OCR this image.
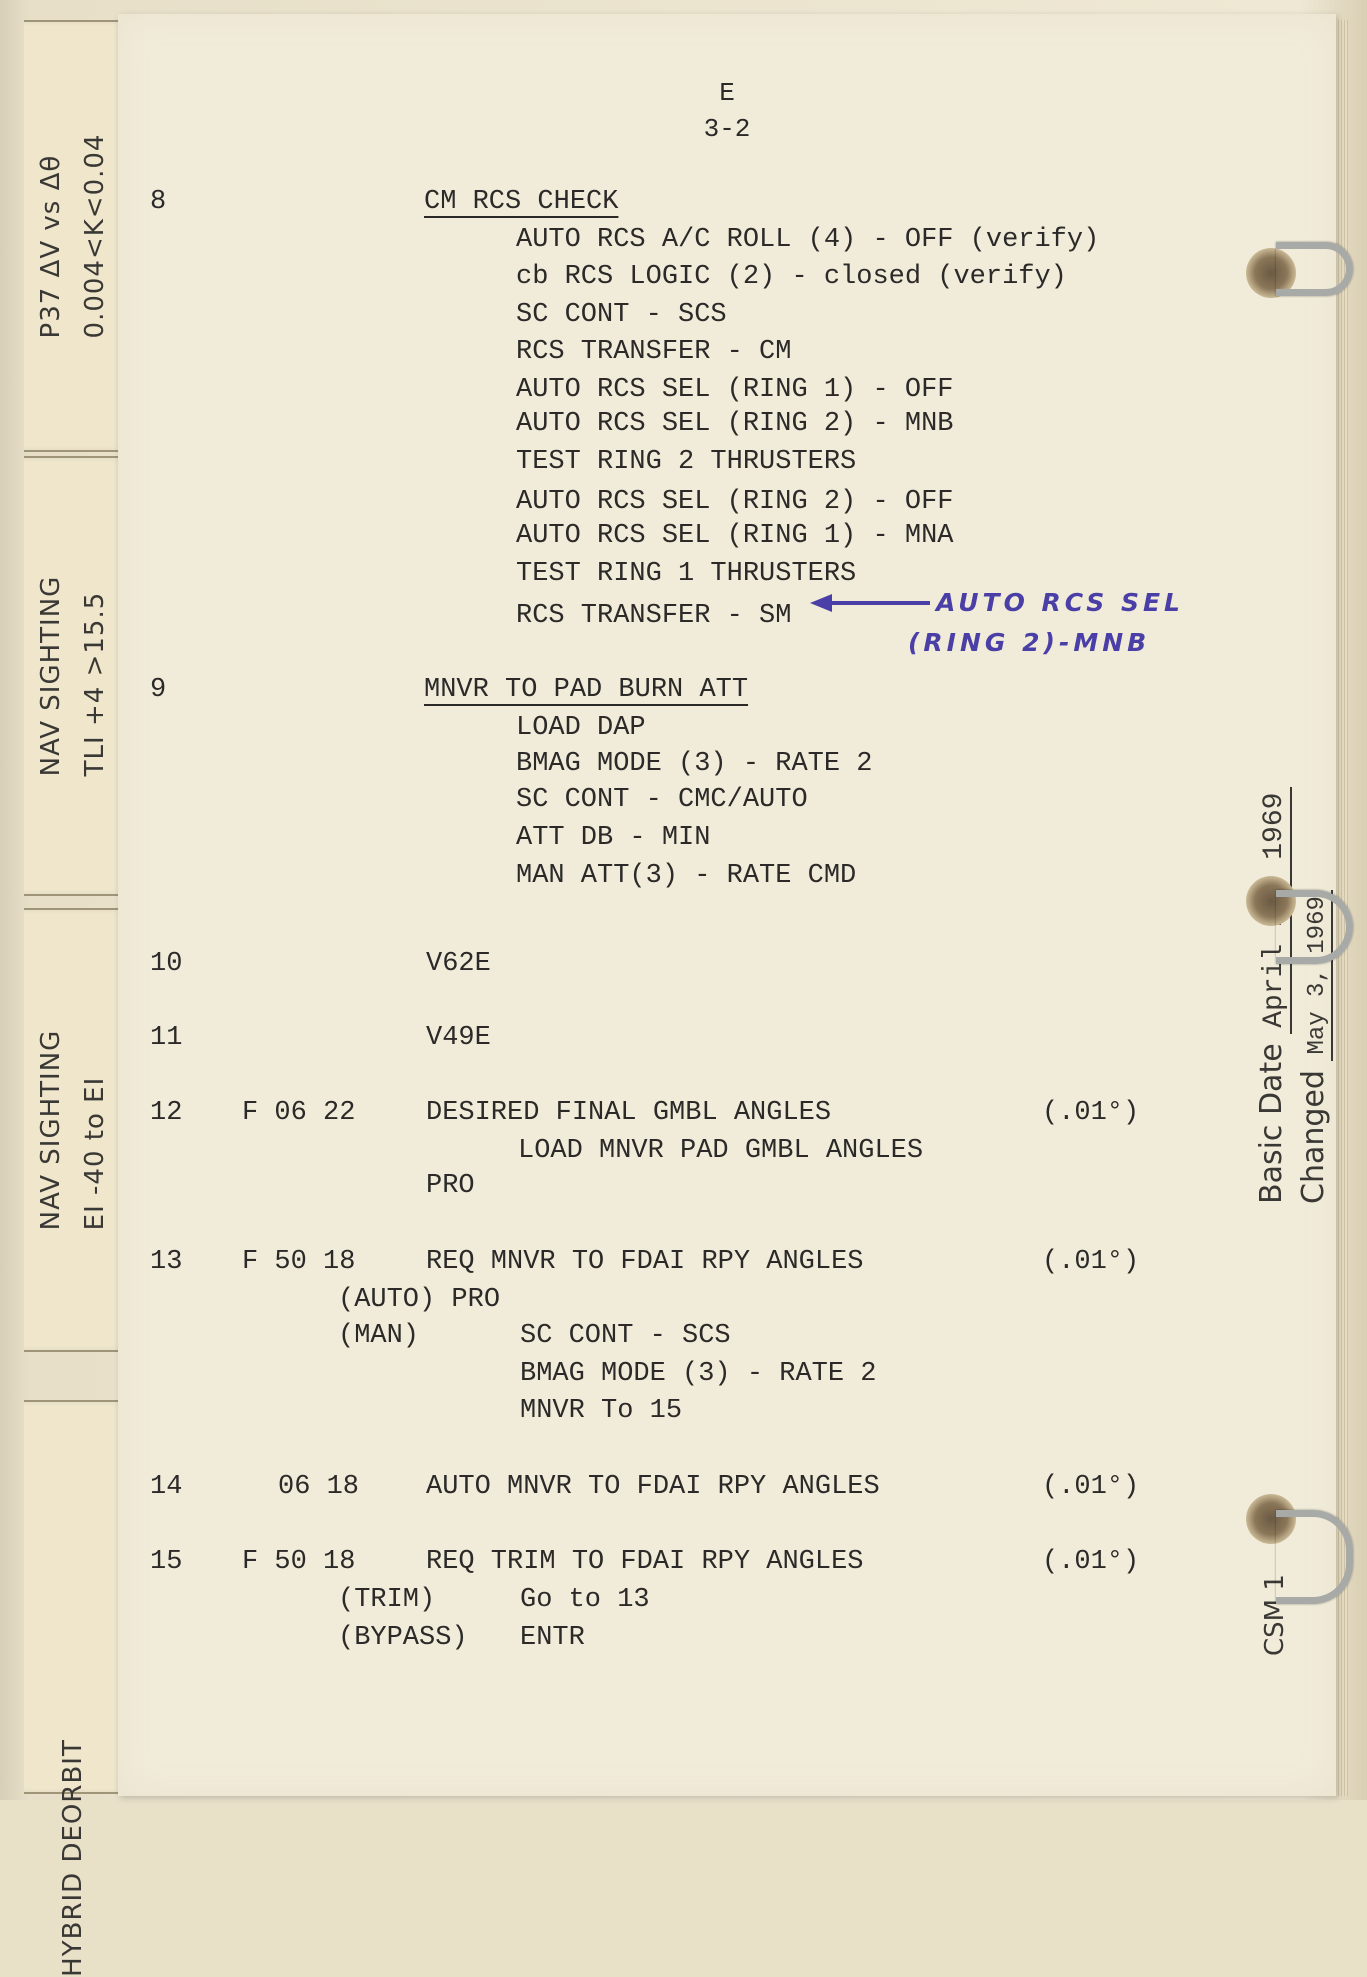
P37 ΔV vs Δθ 0.004<K<0.04
NAV SIGHTING TLI +4 >15.5
NAV SIGHTING EI -40 to EI
HYBRID DEORBIT
E
3-2
8	CM RCS CHECK
AUTO RCS A/C ROLL (4) - OFF (verify)
cb RCS LOGIC (2) - closed (verify)
SC CONT - SCS
RCS TRANSFER - CM
AUTO RCS SEL (RING 1) - OFF
AUTO RCS SEL (RING 2) - MNB
TEST RING 2 THRUSTERS
AUTO RCS SEL (RING 2) - OFF
AUTO RCS SEL (RING 1) - MNA
TEST RING 1 THRUSTERS
RCS TRANSFER - SM	AUTO RCS SEL
(RING 2)-MNB
9	MNVR TO PAD BURN ATT
LOAD DAP
BMAG MODE (3) - RATE 2
SC CONT - CMC/AUTO
ATT DB - MIN
MAN ATT(3) - RATE CMD
10	V62E
11	V49E
12 F 06 22	DESIRED FINAL GMBL ANGLES	(.01°)
LOAD MNVR PAD GMBL ANGLES
PRO
13 F 50 18	REQ MNVR TO FDAI RPY ANGLES	(.01°)
(AUTO) PRO
(MAN)	SC CONT - SCS
BMAG MODE (3) - RATE 2
MNVR To 15
14	06 18 AUTO MNVR TO FDAI RPY ANGLES	(.01°)
15 F 50 18	REQ TRIM TO FDAI RPY ANGLES	(.01°)
(TRIM)	Go to 13
(BYPASS) ENTR
Basic Date Changed May 3, 1969
CSM 1
